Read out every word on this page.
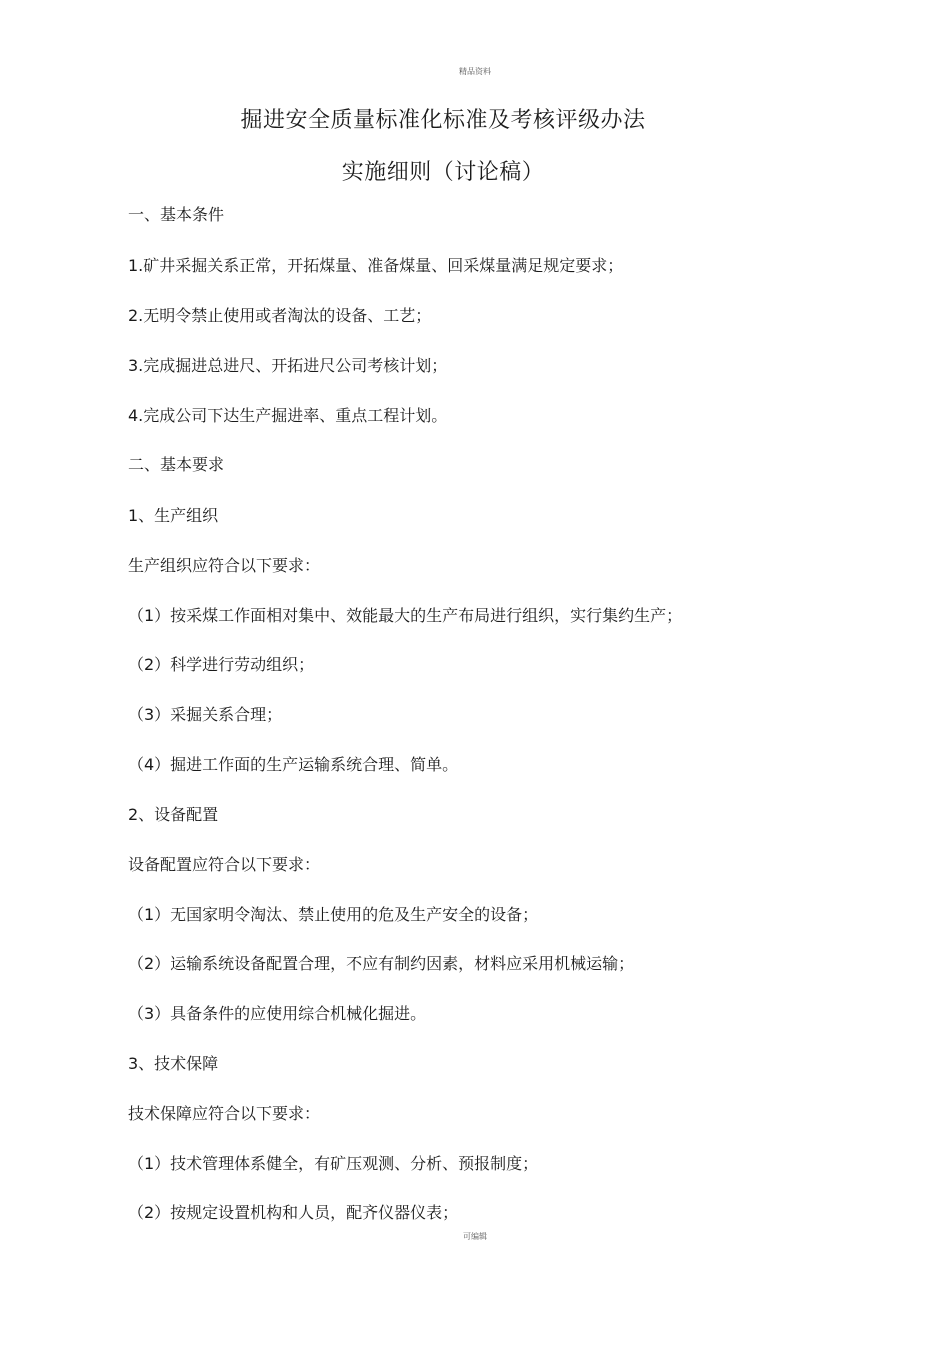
精品资料
掘进安全质量标准化标准及考核评级办法
实施细则（讨论稿）
一、基本条件
1.矿井采掘关系正常，开拓煤量、准备煤量、回采煤量满足规定要求；
2.无明令禁止使用或者淘汰的设备、工艺；
3.完成掘进总进尺、开拓进尺公司考核计划；
4.完成公司下达生产掘进率、重点工程计划。
二、基本要求
1、生产组织
生产组织应符合以下要求：
（1）按采煤工作面相对集中、效能最大的生产布局进行组织，实行集约生产；
（2）科学进行劳动组织；
（3）采掘关系合理；
（4）掘进工作面的生产运输系统合理、简单。
2、设备配置
设备配置应符合以下要求：
（1）无国家明令淘汰、禁止使用的危及生产安全的设备；
（2）运输系统设备配置合理，不应有制约因素，材料应采用机械运输；
（3）具备条件的应使用综合机械化掘进。
3、技术保障
技术保障应符合以下要求：
（1）技术管理体系健全，有矿压观测、分析、预报制度；
（2）按规定设置机构和人员，配齐仪器仪表；
可编辑
